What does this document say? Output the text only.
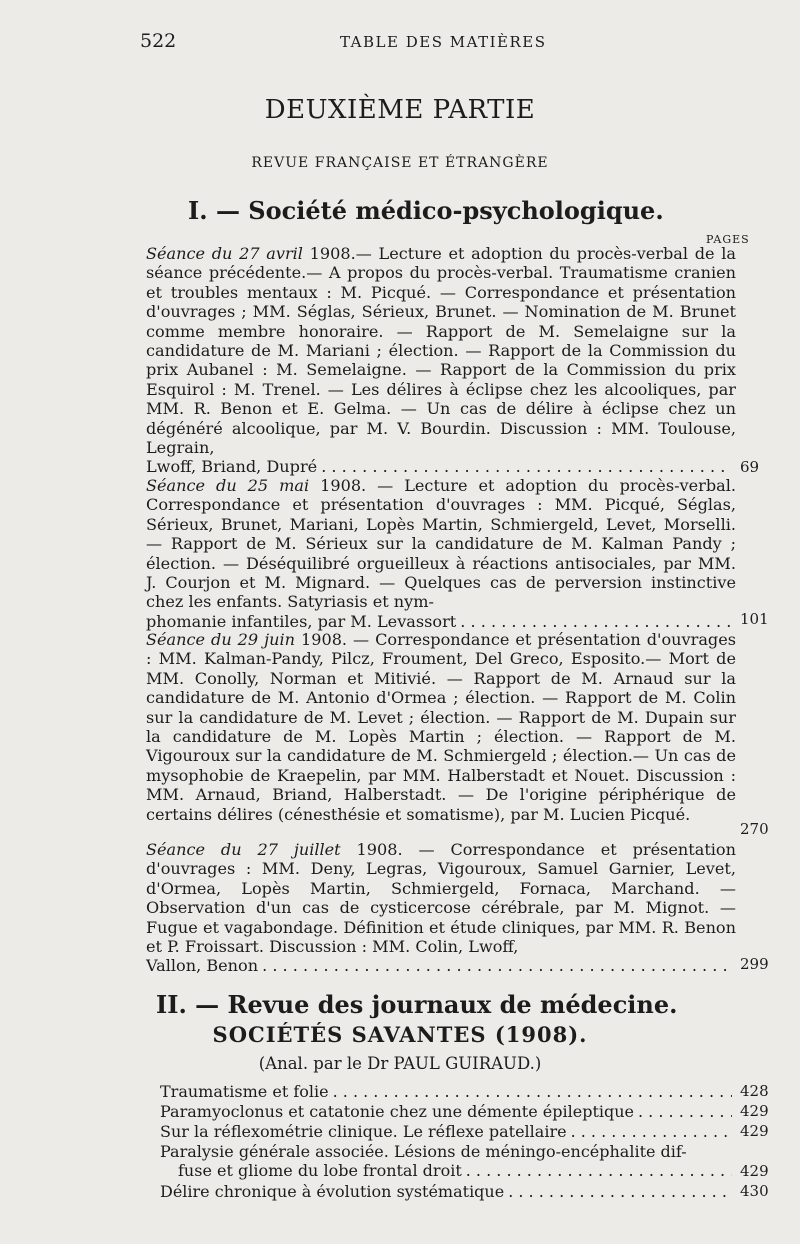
522	TABLE DES MATIÈRES
DEUXIÈME PARTIE
REVUE FRANÇAISE ET ÉTRANGÈRE
I. — Société médico-psychologique.
PAGES
Séance du 27 avril 1908.— Lecture et adoption du procès-verbal de la séance précédente.— A propos du procès-verbal. Traumatisme cranien et troubles mentaux : M. Picqué. — Correspondance et présentation d'ouvrages ; MM. Séglas, Sérieux, Brunet. — Nomination de M. Brunet comme membre honoraire. — Rapport de M. Semelaigne sur la candidature de M. Mariani ; élection. — Rapport de la Commission du prix Aubanel : M. Semelaigne. — Rapport de la Commission du prix Esquirol : M. Trenel. — Les délires à éclipse chez les alcooliques, par MM. R. Benon et E. Gelma. — Un cas de délire à éclipse chez un dégénéré alcoolique, par M. V. Bourdin. Discussion : MM. Toulouse, Legrain,
Lwoff, Briand, Dupré . . .	69
Séance du 25 mai 1908. — Lecture et adoption du procès-verbal. Correspondance et présentation d'ouvrages : MM. Picqué, Séglas, Sérieux, Brunet, Mariani, Lopès Martin, Schmiergeld, Levet, Morselli.— Rapport de M. Sérieux sur la candidature de M. Kalman Pandy ; élection. — Déséquilibré orgueilleux à réactions antisociales, par MM. J. Courjon et M. Mignard. — Quelques cas de perversion instinctive chez les enfants. Satyriasis et nym-
phomanie infantiles, par M. Levassort . . .	101
Séance du 29 juin 1908. — Correspondance et présentation d'ouvrages : MM. Kalman-Pandy, Pilcz, Froument, Del Greco, Esposito.— Mort de MM. Conolly, Norman et Mitivié. — Rapport de M. Arnaud sur la candidature de M. Antonio d'Ormea ; élection. — Rapport de M. Colin sur la candidature de M. Levet ; élection. — Rapport de M. Dupain sur la candidature de M. Lopès Martin ; élection. — Rapport de M. Vigouroux sur la candidature de M. Schmiergeld ; élection.— Un cas de mysophobie de Kraepelin, par MM. Halberstadt et Nouet. Discussion : MM. Arnaud, Briand, Halberstadt. — De l'origine périphérique de certains délires (cénesthésie et somatisme), par M. Lucien Picqué.
270
Séance du 27 juillet 1908. — Correspondance et présentation d'ouvrages : MM. Deny, Legras, Vigouroux, Samuel Garnier, Levet, d'Ormea, Lopès Martin, Schmiergeld, Fornaca, Marchand. — Observation d'un cas de cysticercose cérébrale, par M. Mignot. — Fugue et vagabondage. Définition et étude cliniques, par MM. R. Benon et P. Froissart. Discussion : MM. Colin, Lwoff,
Vallon, Benon . . .	299
II. — Revue des journaux de médecine.
SOCIÉTÉS SAVANTES (1908).
(Anal. par le Dr PAUL GUIRAUD.)
Traumatisme et folie . . .	428
Paramyoclonus et catatonie chez une démente épileptique . . .	429
Sur la réflexométrie clinique. Le réflexe patellaire . . .	429
Paralysie générale associée. Lésions de méningo-encéphalite dif-
fuse et gliome du lobe frontal droit . . .	429
Délire chronique à évolution systématique . . .	430
